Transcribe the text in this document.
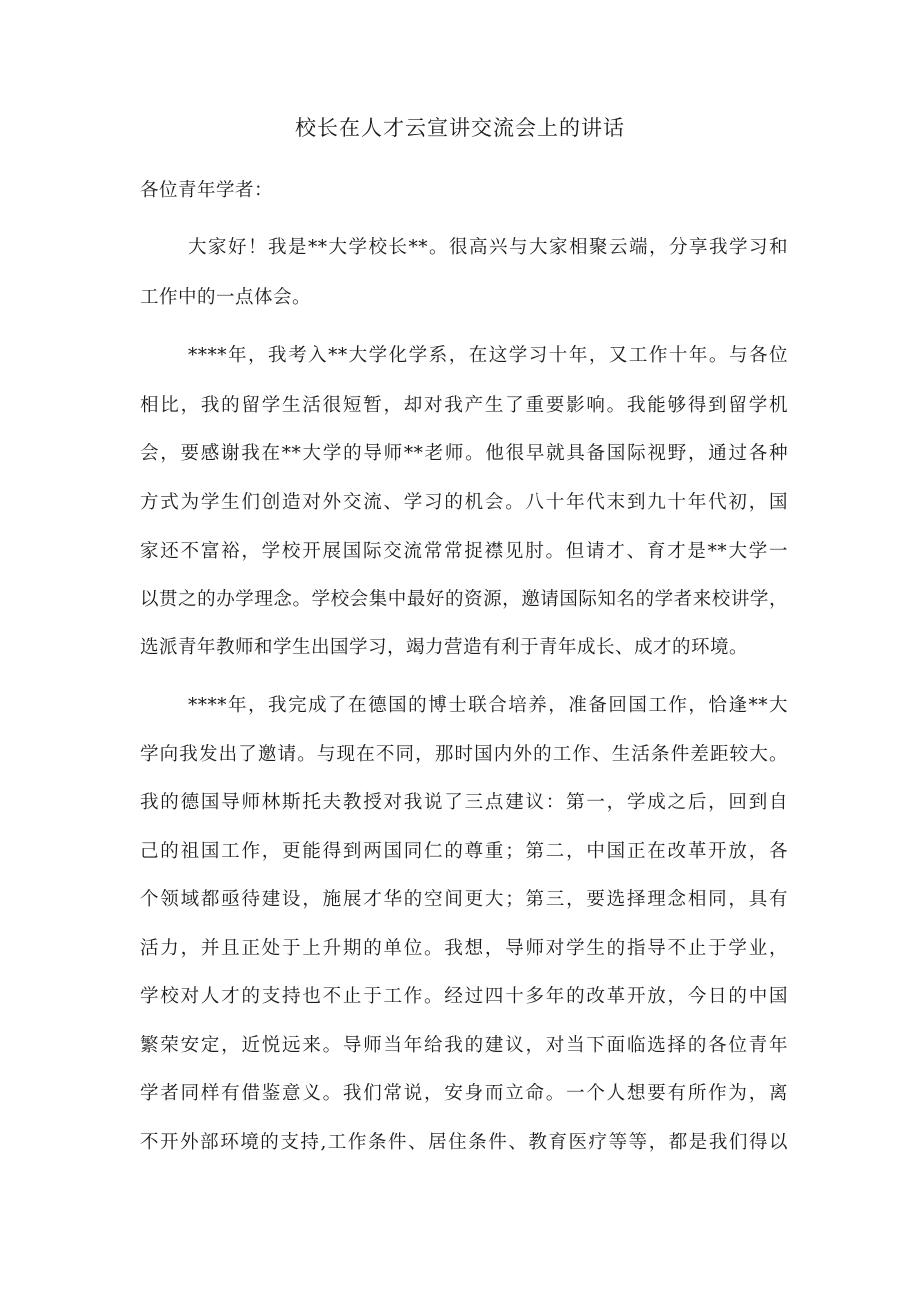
校长在人才云宣讲交流会上的讲话
各位青年学者：
大家好！我是**大学校长**。很高兴与大家相聚云端，分享我学习和
工作中的一点体会。
****年，我考入**大学化学系，在这学习十年，又工作十年。与各位
相比，我的留学生活很短暂，却对我产生了重要影响。我能够得到留学机
会，要感谢我在**大学的导师**老师。他很早就具备国际视野，通过各种
方式为学生们创造对外交流、学习的机会。八十年代末到九十年代初，国
家还不富裕，学校开展国际交流常常捉襟见肘。但请才、育才是**大学一
以贯之的办学理念。学校会集中最好的资源，邀请国际知名的学者来校讲学，
选派青年教师和学生出国学习，竭力营造有利于青年成长、成才的环境。
****年，我完成了在德国的博士联合培养，准备回国工作，恰逢**大
学向我发出了邀请。与现在不同，那时国内外的工作、生活条件差距较大。
我的德国导师林斯托夫教授对我说了三点建议：第一，学成之后，回到自
己的祖国工作，更能得到两国同仁的尊重；第二，中国正在改革开放，各
个领域都亟待建设，施展才华的空间更大；第三，要选择理念相同，具有
活力，并且正处于上升期的单位。我想，导师对学生的指导不止于学业，
学校对人才的支持也不止于工作。经过四十多年的改革开放，今日的中国
繁荣安定，近悦远来。导师当年给我的建议，对当下面临选择的各位青年
学者同样有借鉴意义。我们常说，安身而立命。一个人想要有所作为，离
不开外部环境的支持,工作条件、居住条件、教育医疗等等，都是我们得以
